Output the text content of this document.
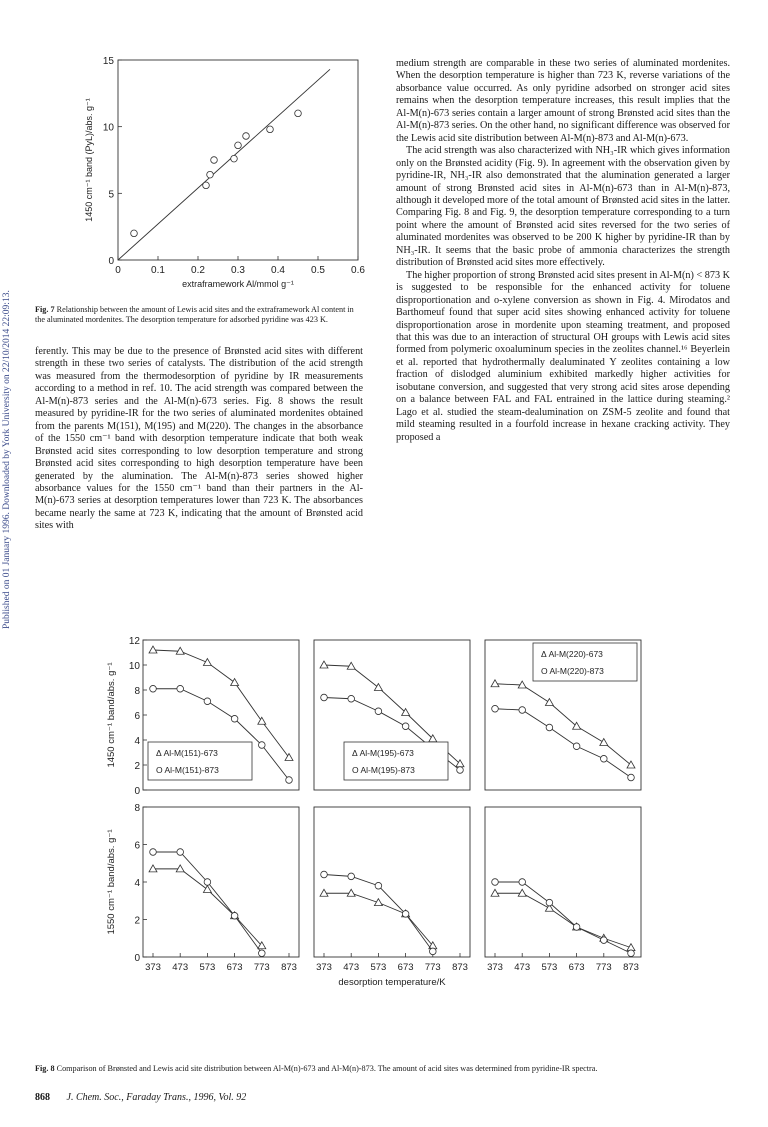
Published on 01 January 1996. Downloaded by York University on 22/10/2014 22:09:13.
0	0.1	0.2	0.3	0.4	0.5	0.6
0
5
10
15
extraframework Al/mmol g⁻¹
1450 cm⁻¹ band (PyL)/abs. g⁻¹
Fig. 7 Relationship between the amount of Lewis acid sites and the extraframework Al content in the aluminated mordenites. The desorption temperature for adsorbed pyridine was 423 K.

ferently. This may be due to the presence of Brønsted acid sites with different strength in these two series of catalysts. The distribution of the acid strength was measured from the thermodesorption of pyridine by IR measurements according to a method in ref. 10. The acid strength was compared between the Al-M(n)-873 series and the Al-M(n)-673 series. Fig. 8 shows the result measured by pyridine-IR for the two series of aluminated mordenites obtained from the parents M(151), M(195) and M(220). The changes in the absorbance of the 1550 cm⁻¹ band with desorption temperature indicate that both weak Brønsted acid sites corresponding to low desorption temperature and strong Brønsted acid sites corresponding to high desorption temperature have been generated by the alumination. The Al-M(n)-873 series showed higher absorbance values for the 1550 cm⁻¹ band than their partners in the Al-M(n)-673 series at desorption temperatures lower than 723 K. The absorbances became nearly the same at 723 K, indicating that the amount of Brønsted acid sites with

medium strength are comparable in these two series of aluminated mordenites. When the desorption temperature is higher than 723 K, reverse variations of the absorbance value occurred. As only pyridine adsorbed on stronger acid sites remains when the desorption temperature increases, this result implies that the Al-M(n)-673 series contain a larger amount of strong Brønsted acid sites than the Al-M(n)-873 series. On the other hand, no significant difference was observed for the Lewis acid site distribution between Al-M(n)-873 and Al-M(n)-673.

The acid strength was also characterized with NH₃-IR which gives information only on the Brønsted acidity (Fig. 9). In agreement with the observation given by pyridine-IR, NH₃-IR also demonstrated that the alumination generated a larger amount of strong Brønsted acid sites in Al-M(n)-673 than in Al-M(n)-873, although it developed more of the total amount of Brønsted acid sites in the latter. Comparing Fig. 8 and Fig. 9, the desorption temperature corresponding to a turn point where the amount of Brønsted acid sites reversed for the two series of aluminated mordenites was observed to be 200 K higher by pyridine-IR than by NH₃-IR. It seems that the basic probe of ammonia characterizes the strength distribution of Brønsted acid sites more effectively.

The higher proportion of strong Brønsted acid sites present in Al-M(n) < 873 K is suggested to be responsible for the enhanced activity for toluene disproportionation and o-xylene conversion as shown in Fig. 4. Mirodatos and Barthomeuf found that super acid sites showing enhanced activity for toluene disproportionation arose in mordenite upon steaming treatment, and proposed that this was due to an interaction of structural OH groups with Lewis acid sites formed from polymeric oxoaluminum species in the zeolites channel.¹⁶ Beyerlein et al. reported that hydrothermally dealuminated Y zeolites containing a low fraction of dislodged aluminium exhibited markedly higher activities for isobutane conversion, and suggested that very strong acid sites arose depending on a balance between FAL and FAL entrained in the lattice during steaming.² Lago et al. studied the steam-dealumination on ZSM-5 zeolite and found that mild steaming resulted in a fourfold increase in hexane cracking activity. They proposed a

0
2
4
6
8
10
12
0
2
4
6
8
373 473 573 673 773 873 373 473 573 673 773 873 373 473 573 673 773 873
Δ Al-M(151)-673
O Al-M(151)-873
Δ Al-M(195)-673
O Al-M(195)-873
Δ Al-M(220)-673
O Al-M(220)-873
1450 cm⁻¹ band/abs. g⁻¹
1550 cm⁻¹ band/abs. g⁻¹
desorption temperature/K
Fig. 8 Comparison of Brønsted and Lewis acid site distribution between Al-M(n)-673 and Al-M(n)-873. The amount of acid sites was determined from pyridine-IR spectra.
868 J. Chem. Soc., Faraday Trans., 1996, Vol. 92
